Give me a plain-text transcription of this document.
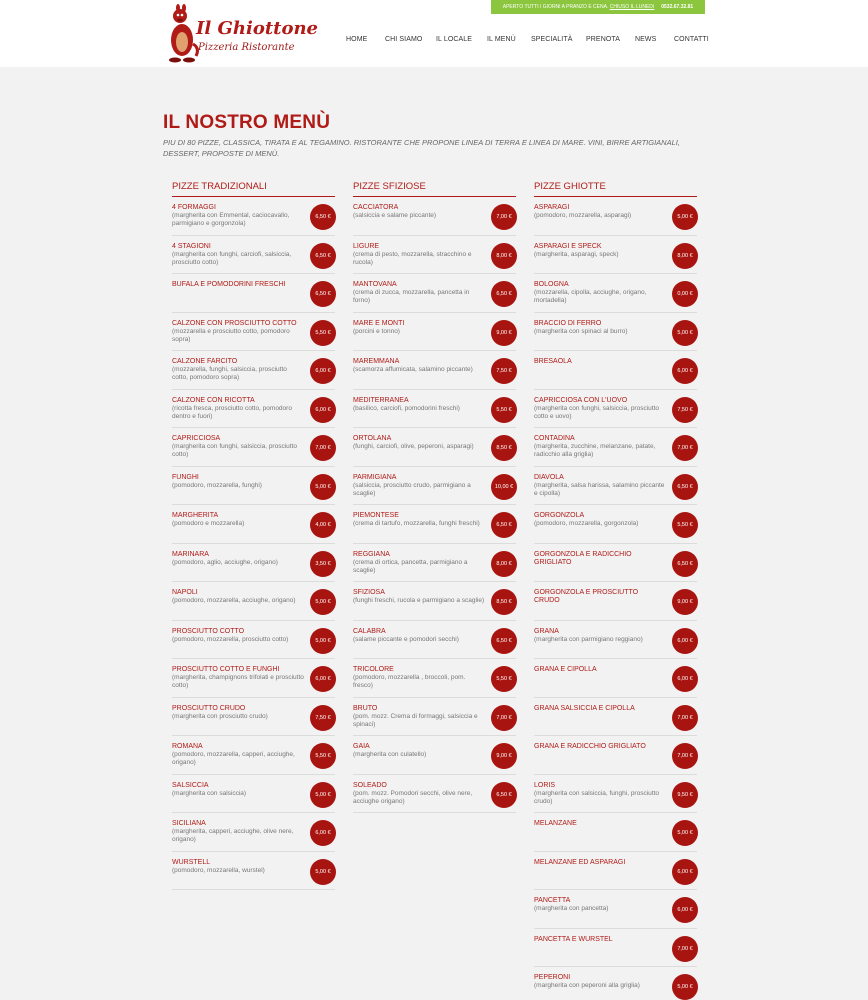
Il Ghiottone
Pizzeria Ristorante
APERTO TUTTI I GIORNI A PRANZO E CENA. CHIUSO IL LUNEDì 0532.67.32.81
HOME	CHI SIAMO IL LOCALE IL MENÙ SPECIALITÀ PRENOTA NEWS	CONTATTI
IL NOSTRO MENÙ

PIU DI 80 PIZZE, CLASSICA, TIRATA E AL TEGAMINO. RISTORANTE CHE PROPONE LINEA DI TERRA E LINEA DI MARE. VINI, BIRRE ARTIGIANALI, DESSERT, PROPOSTE DI MENÙ.

PIZZE TRADIZIONALI
4 FORMAGGI
(margherita con Emmental, caciocavallo, parmigiano e gorgonzola)
6,50 €
4 STAGIONI
(margherita con funghi, carciofi, salsiccia, prosciutto cotto)
6,50 €
BUFALA E POMODORINI FRESCHI
6,50 €
CALZONE CON PROSCIUTTO COTTO
(mozzarella e prosciutto cotto, pomodoro sopra)
5,50 €
CALZONE FARCITO
(mozzarella, funghi, salsiccia, prosciutto cotto, pomodoro sopra)
6,00 €
CALZONE CON RICOTTA
(ricotta fresca, prosciutto cotto, pomodoro dentro e fuori)
6,00 €
CAPRICCIOSA
(margherita con funghi, salsiccia, prosciutto cotto)
7,00 €
FUNGHI
(pomodoro, mozzarella, funghi)	5,00 €
MARGHERITA
(pomodoro e mozzarella)	4,00 €
MARINARA
(pomodoro, aglio, acciughe, origano)	3,50 €
NAPOLI
(pomodoro, mozzarella, acciughe, origano)	5,00 €
PROSCIUTTO COTTO
(pomodoro, mozzarella, prosciutto cotto)	5,00 €
PROSCIUTTO COTTO E FUNGHI
(margherita, champignons trifolati e prosciutto cotto)
6,00 €
PROSCIUTTO CRUDO
(margherita con prosciutto crudo)	7,50 €
ROMANA
(pomodoro, mozzarella, capperi, acciughe, origano)
5,50 €
SALSICCIA
(margherita con salsiccia)	5,00 €
SICILIANA
(margherita, capperi, acciughe, olive nere, origano)
6,00 €
WURSTELL
(pomodoro, mozzarella, wurstel)	5,00 €
PIZZE SFIZIOSE
CACCIATORA
(salsiccia e salame piccante)	7,00 €
LIGURE
(crema di pesto, mozzarella, stracchino e rucola)
8,00 €
MANTOVANA
(crema di zucca, mozzarella, pancetta in forno)
6,50 €
MARE E MONTI
(porcini e tonno)	9,00 €
MAREMMANA
(scamorza affumicata, salamino piccante)	7,50 €
MEDITERRANEA
(basilico, carciofi, pomodorini freschi)	5,50 €
ORTOLANA
(funghi, carciofi, olive, peperoni, asparagi)	8,50 €
PARMIGIANA
(salsiccia, prosciutto crudo, parmigiano a scaglie)
10,00 €
PIEMONTESE
(crema di tartufo, mozzarella, funghi freschi)	6,50 €
REGGIANA
(crema di ortica, pancetta, parmigiano a scaglie)
8,00 €
SFIZIOSA
(funghi freschi, rucola e parmigiano a scaglie)	8,50 €
CALABRA
(salame piccante e pomodori secchi)	6,50 €
TRICOLORE
(pomodoro, mozzarella , broccoli, pom. fresco)
5,50 €
BRUTO
(pom. mozz. Crema di formaggi, salsiccia e spinaci)
7,00 €
GAIA
(margherita con culatello)	9,00 €
SOLEADO
(pom. mozz. Pomodori secchi, olive nere, acciughe origano)
6,50 €
PIZZE GHIOTTE
ASPARAGI
(pomodoro, mozzarella, asparagi)	5,00 €
ASPARAGI E SPECK
(margherita, asparagi, speck)	8,00 €
BOLOGNA
(mozzarella, cipolla, acciughe, origano, mortadella)
0,00 €
BRACCIO DI FERRO
(margherita con spinaci al burro)	5,00 €
BRESAOLA
6,00 €
CAPRICCIOSA CON L'UOVO
(margherita con funghi, salsiccia, prosciutto cotto e uovo)
7,50 €
CONTADINA
(margherita, zucchine, melanzane, patate, radicchio alla griglia)
7,00 €
DIAVOLA
(margherita, salsa harissa, salamino piccante e cipolla)
6,50 €
GORGONZOLA
(pomodoro, mozzarella, gorgonzola)	5,50 €
GORGONZOLA E RADICCHIO GRIGLIATO	6,50 €
GORGONZOLA E PROSCIUTTO CRUDO	9,00 €
GRANA
(margherita con parmigiano reggiano)	6,00 €
GRANA E CIPOLLA
6,00 €
GRANA SALSICCIA E CIPOLLA
7,00 €
GRANA E RADICCHIO GRIGLIATO
7,00 €
LORIS
(margherita con salsiccia, funghi, prosciutto crudo)
9,50 €
MELANZANE
5,00 €
MELANZANE ED ASPARAGI
6,00 €
PANCETTA
(margherita con pancetta)	6,00 €
PANCETTA E WURSTEL
7,00 €
PEPERONI
(margherita con peperoni alla griglia)	5,00 €
